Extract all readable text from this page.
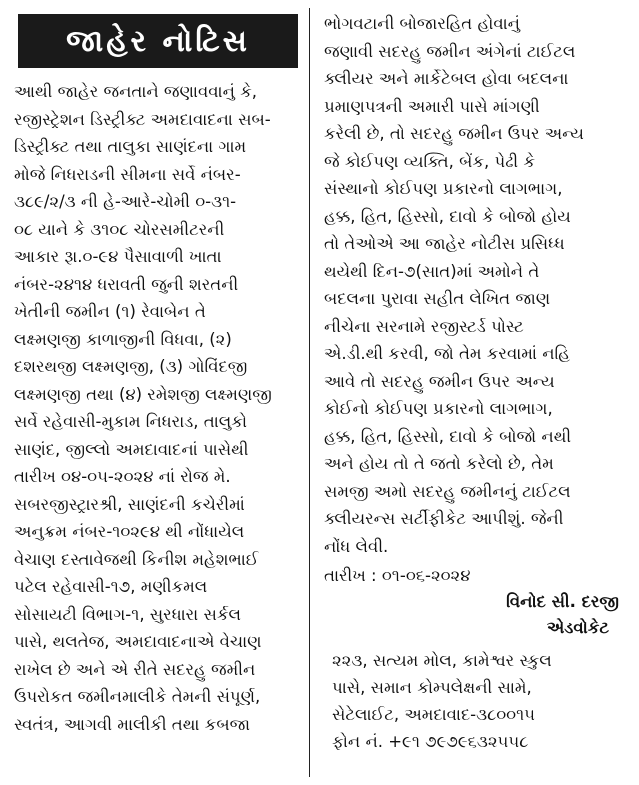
જાહેર નોટિસ
આથી જાહેર જનતાને જણાવવાનું કે,
રજીસ્ટ્રેશન ડિસ્ટ્રીક્ટ અમદાવાદના સબ-
ડિસ્ટ્રીક્ટ તથા તાલુકા સાણંદના ગામ
મોજે નિધરાડની સીમના સર્વે નંબર-
૩૮૯/૨/૩ ની હે-આરે-ચોમી ૦-૩૧-
૦૮ યાને કે ૩૧૦૮ ચોરસમીટરની
આકાર રૂા.૦-૯૪ પૈસાવાળી ખાતા
નંબર-૨૪૧૪ ધરાવતી જુની શરતની
ખેતીની જમીન (૧) રેવાબેન તે
લક્ષ્મણજી કાળાજીની વિધવા, (૨)
દશરથજી લક્ષ્મણજી, (૩) ગોવિંદજી
લક્ષ્મણજી તથા (૪) રમેશજી લક્ષ્મણજી
સર્વે રહેવાસી-મુકામ નિધરાડ, તાલુકો
સાણંદ, જીલ્લો અમદાવાદનાં પાસેથી
તારીખ ૦૪-૦૫-૨૦૨૪ નાં રોજ મે.
સબરજીસ્ટ્રારશ્રી, સાણંદની કચેરીમાં
અનુક્રમ નંબર-૧૦૨૯૪ થી નોંધાયેલ
વેચાણ દસ્તાવેજથી કિનીશ મહેશભાઈ
પટેલ રહેવાસી-૧૭, મણીકમલ
સોસાયટી વિભાગ-૧, સુરધારા સર્કલ
પાસે, થલતેજ, અમદાવાદનાએ વેચાણ
રાખેલ છે અને એ રીતે સદરહુ જમીન
ઉપરોકત જમીનમાલીકે તેમની સંપૂર્ણ,
સ્વતંત્ર, આગવી માલીકી તથા કબજા
ભોગવટાની બોજારહિત હોવાનું
જણાવી સદરહુ જમીન અંગેનાં ટાઈટલ
ક્લીયર અને માર્કેટેબલ હોવા બદલના
પ્રમાણપત્રની અમારી પાસે માંગણી
કરેલી છે, તો સદરહુ જમીન ઉપર અન્ય
જે કોઈપણ વ્યક્તિ, બેંક, પેઢી કે
સંસ્થાનો કોઈપણ પ્રકારનો લાગભાગ,
હક્ક, હિત, હિસ્સો, દાવો કે બોજો હોય
તો તેઓએ આ જાહેર નોટીસ પ્રસિધ્ધ
થયેથી દિન-૭(સાત)માં અમોને તે
બદલના પુરાવા સહીત લેખિત જાણ
નીચેના સરનામે રજીસ્ટર્ડ પોસ્ટ
એ.ડી.થી કરવી, જો તેમ કરવામાં નહિ
આવે તો સદરહુ જમીન ઉપર અન્ય
કોઈનો કોઈપણ પ્રકારનો લાગભાગ,
હક્ક, હિત, હિસ્સો, દાવો કે બોજો નથી
અને હોય તો તે જતો કરેલો છે, તેમ
સમજી અમો સદરહુ જમીનનું ટાઈટલ
ક્લીયરન્સ સર્ટીફીકેટ આપીશું. જેની
નોંધ લેવી.
તારીખ : ૦૧-૦૬-૨૦૨૪
વિનોદ સી. દરજી
એડવોકેટ
૨૨૩, સત્યમ મોલ, કામેશ્વર સ્કુલ
પાસે, સમાન કોમ્પલેક્ષની સામે,
સેટેલાઈટ, અમદાવાદ-૩૮૦૦૧૫
ફોન નં. +૯૧ ૭૯૭૯૬૩૨૫૫૮
